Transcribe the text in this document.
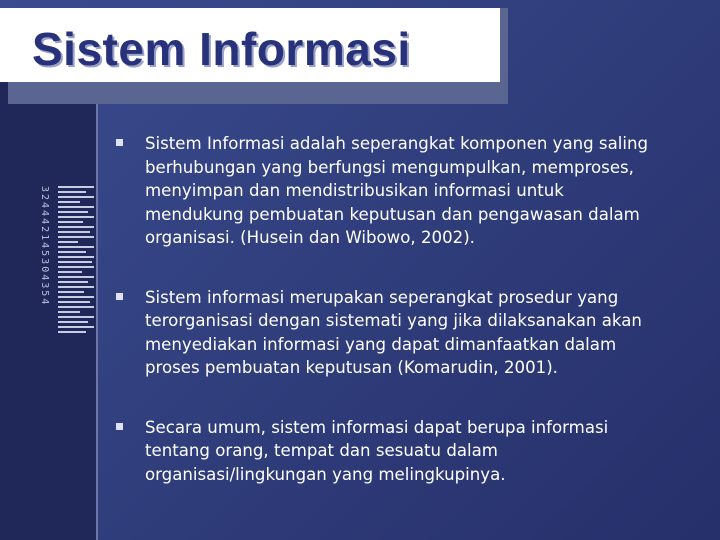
324442145304354
Sistem Informasi
Sistem Informasi adalah seperangkat komponen yang saling berhubungan yang berfungsi mengumpulkan, memproses, menyimpan dan mendistribusikan informasi untuk mendukung pembuatan keputusan dan pengawasan dalam organisasi. (Husein dan Wibowo, 2002).
Sistem informasi merupakan seperangkat prosedur yang terorganisasi dengan sistemati yang jika dilaksanakan akan menyediakan informasi yang dapat dimanfaatkan dalam proses pembuatan keputusan (Komarudin, 2001).
Secara umum, sistem informasi dapat berupa informasi tentang orang, tempat dan sesuatu dalam organisasi/lingkungan yang melingkupinya.
